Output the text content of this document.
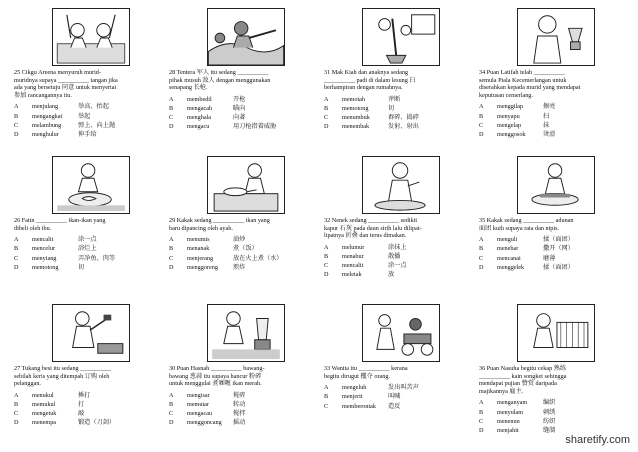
25 Cikgu Areena menyuruh murid-
muridnya supaya __________ tangan jika
ada yang bersetuju 同意 untuk menyertai
参加 rancangannya itu.
A	menjulang	举高、抬起
B	mengangkat	举起
C	melambung	弹上、向上抛
D	menghulur	伸手给
26 Fatin __________ ikan-ikan yang
dibeli oleh ibu.
A	mencalit	涂一点
B	mencelur	浴烂上
C	menyiang	弄净鱼、肉等
D	memotong	切
27 Tukang besi itu sedang __________
sebilah keris yang ditempah 订购 oleh
pelanggan.
A	menukul	捶打
B	memukul	打
C	mengetuk	敲
D	menempa	锻造（刀剑）
28 Tentera 军人 itu sedang __________
pihak musuh 敌人 dengan menggunakan
senapang 长枪.
A	membedil	开枪
B	mengacah	瞄向
C	menghala	向著
D	mengacu	用刀枪指着威胁
29 Kakak sedang __________ ikan yang
baru dipancing oleh ayah.
A	menumis	油炒
B	menanak	煮（饭）
C	menjerang	放在火上煮（水）
D	menggoreng	煎炸
30 Puan Hasnah __________ bawang-
bawang 葱蒜 itu supaya hancur 粉碎
untuk menggulai 煮咖喱 ikan merah.
A	mengisar	搅碎
B	memutar	转动
C	mengacau	搅拌
D	menggoncang	摇动
31 Mak Kiah dan anaknya sedang
__________ padi di dalam lesung 臼
berhampiran dengan rumahnya.
A	memotah	斧断
B	memotong	切
C	menumbuk	舂碎、捣碎
D	menembak	发射、射出
32 Nenek sedang __________ sedikit
kapur 石灰 pada daun sirih lalu dilipat-
lipatnya 折叠 dan terus dimakan.
A	melumur	涂抹上
B	menabur	散播
C	mencalit	涂一点
D	meletak	放
33 Wanita itu __________ kerana
begitu dirugut 攫夺 orang.
A	mengeluh	发出叫苦声
B	menjerit	叫喊
C	memberontak	造反
34 Puan Latifah telah __________
semula Piala Kecemerlangan untuk
diserahkan kepada murid yang mendapat
keputusan cemerlang.
A	menggilap	擦亮
B	menyapu	扫
C	mengelap	抹
D	menggosok	烫滑
35 Kakak sedang __________ adunan
面团 kuih supaya rata dan nipis.
A	menguli	揉（面团）
B	menebar	撒开（网）
C	mencanai	磨薄
D	menggelek	揉（面团）
36 Puan Nasuha begitu cekap 熟练
__________ kain songket sehingga
mendapat pujian 赞赏 daripada
majikannya 雇主.
A	menganyam	编织
B	menyulam	刺绣
C	menenun	纺织
D	menjahit	缝制
sharetify.com
